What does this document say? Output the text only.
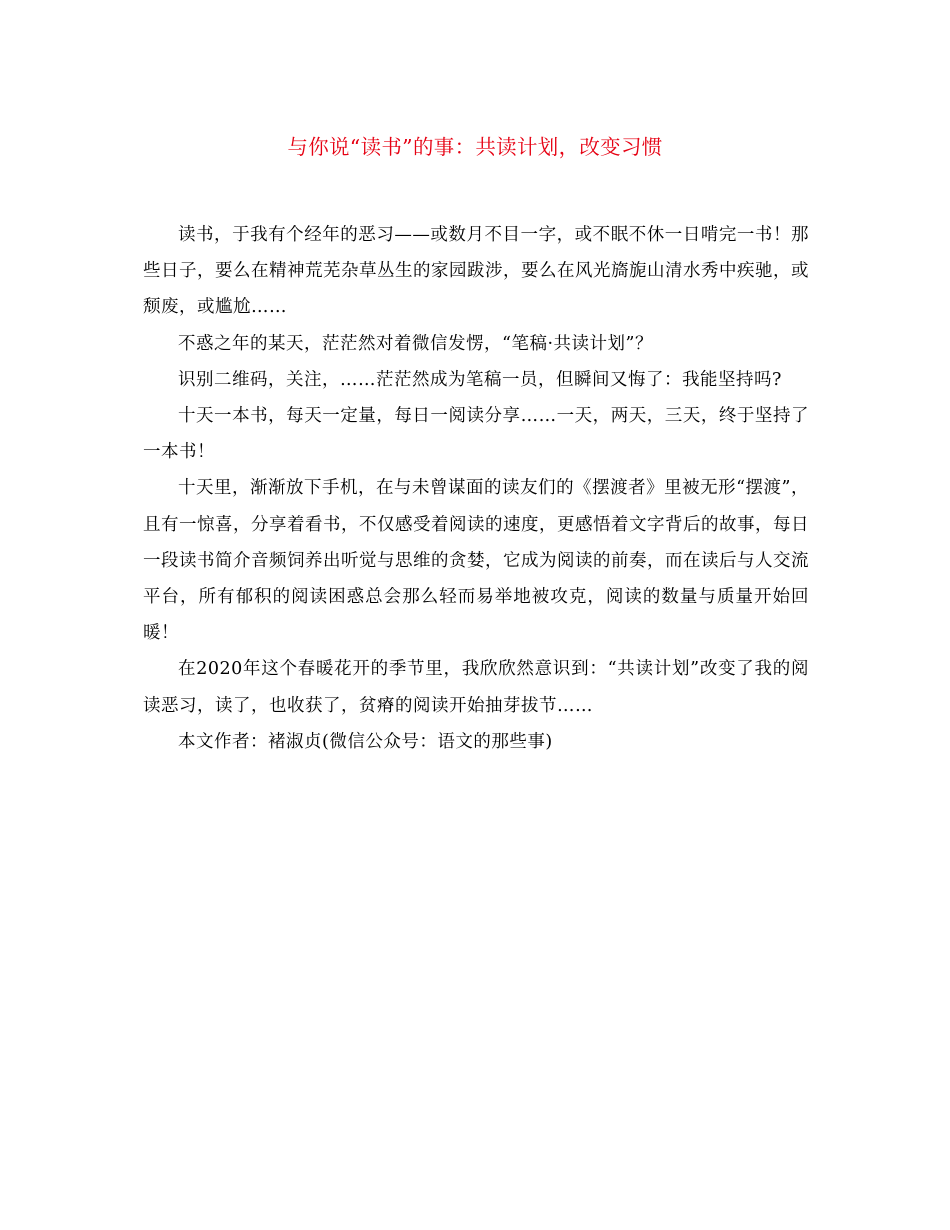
与你说“读书”的事：共读计划，改变习惯

读书，于我有个经年的恶习——或数月不目一字，或不眠不休一日啃完一书！那些日子，要么在精神荒芜杂草丛生的家园跋涉，要么在风光旖旎山清水秀中疾驰，或颓废，或尴尬……

不惑之年的某天，茫茫然对着微信发愣，“笔稿·共读计划”？

识别二维码，关注，……茫茫然成为笔稿一员，但瞬间又悔了：我能坚持吗?

十天一本书，每天一定量，每日一阅读分享……一天，两天，三天，终于坚持了一本书！

十天里，渐渐放下手机，在与未曾谋面的读友们的《摆渡者》里被无形“摆渡”，且有一惊喜，分享着看书，不仅感受着阅读的速度，更感悟着文字背后的故事，每日一段读书简介音频饲养出听觉与思维的贪婪，它成为阅读的前奏，而在读后与人交流平台，所有郁积的阅读困惑总会那么轻而易举地被攻克，阅读的数量与质量开始回暖！

在2020年这个春暖花开的季节里，我欣欣然意识到：“共读计划”改变了我的阅读恶习，读了，也收获了，贫瘠的阅读开始抽芽拔节……

本文作者：褚淑贞(微信公众号：语文的那些事)
